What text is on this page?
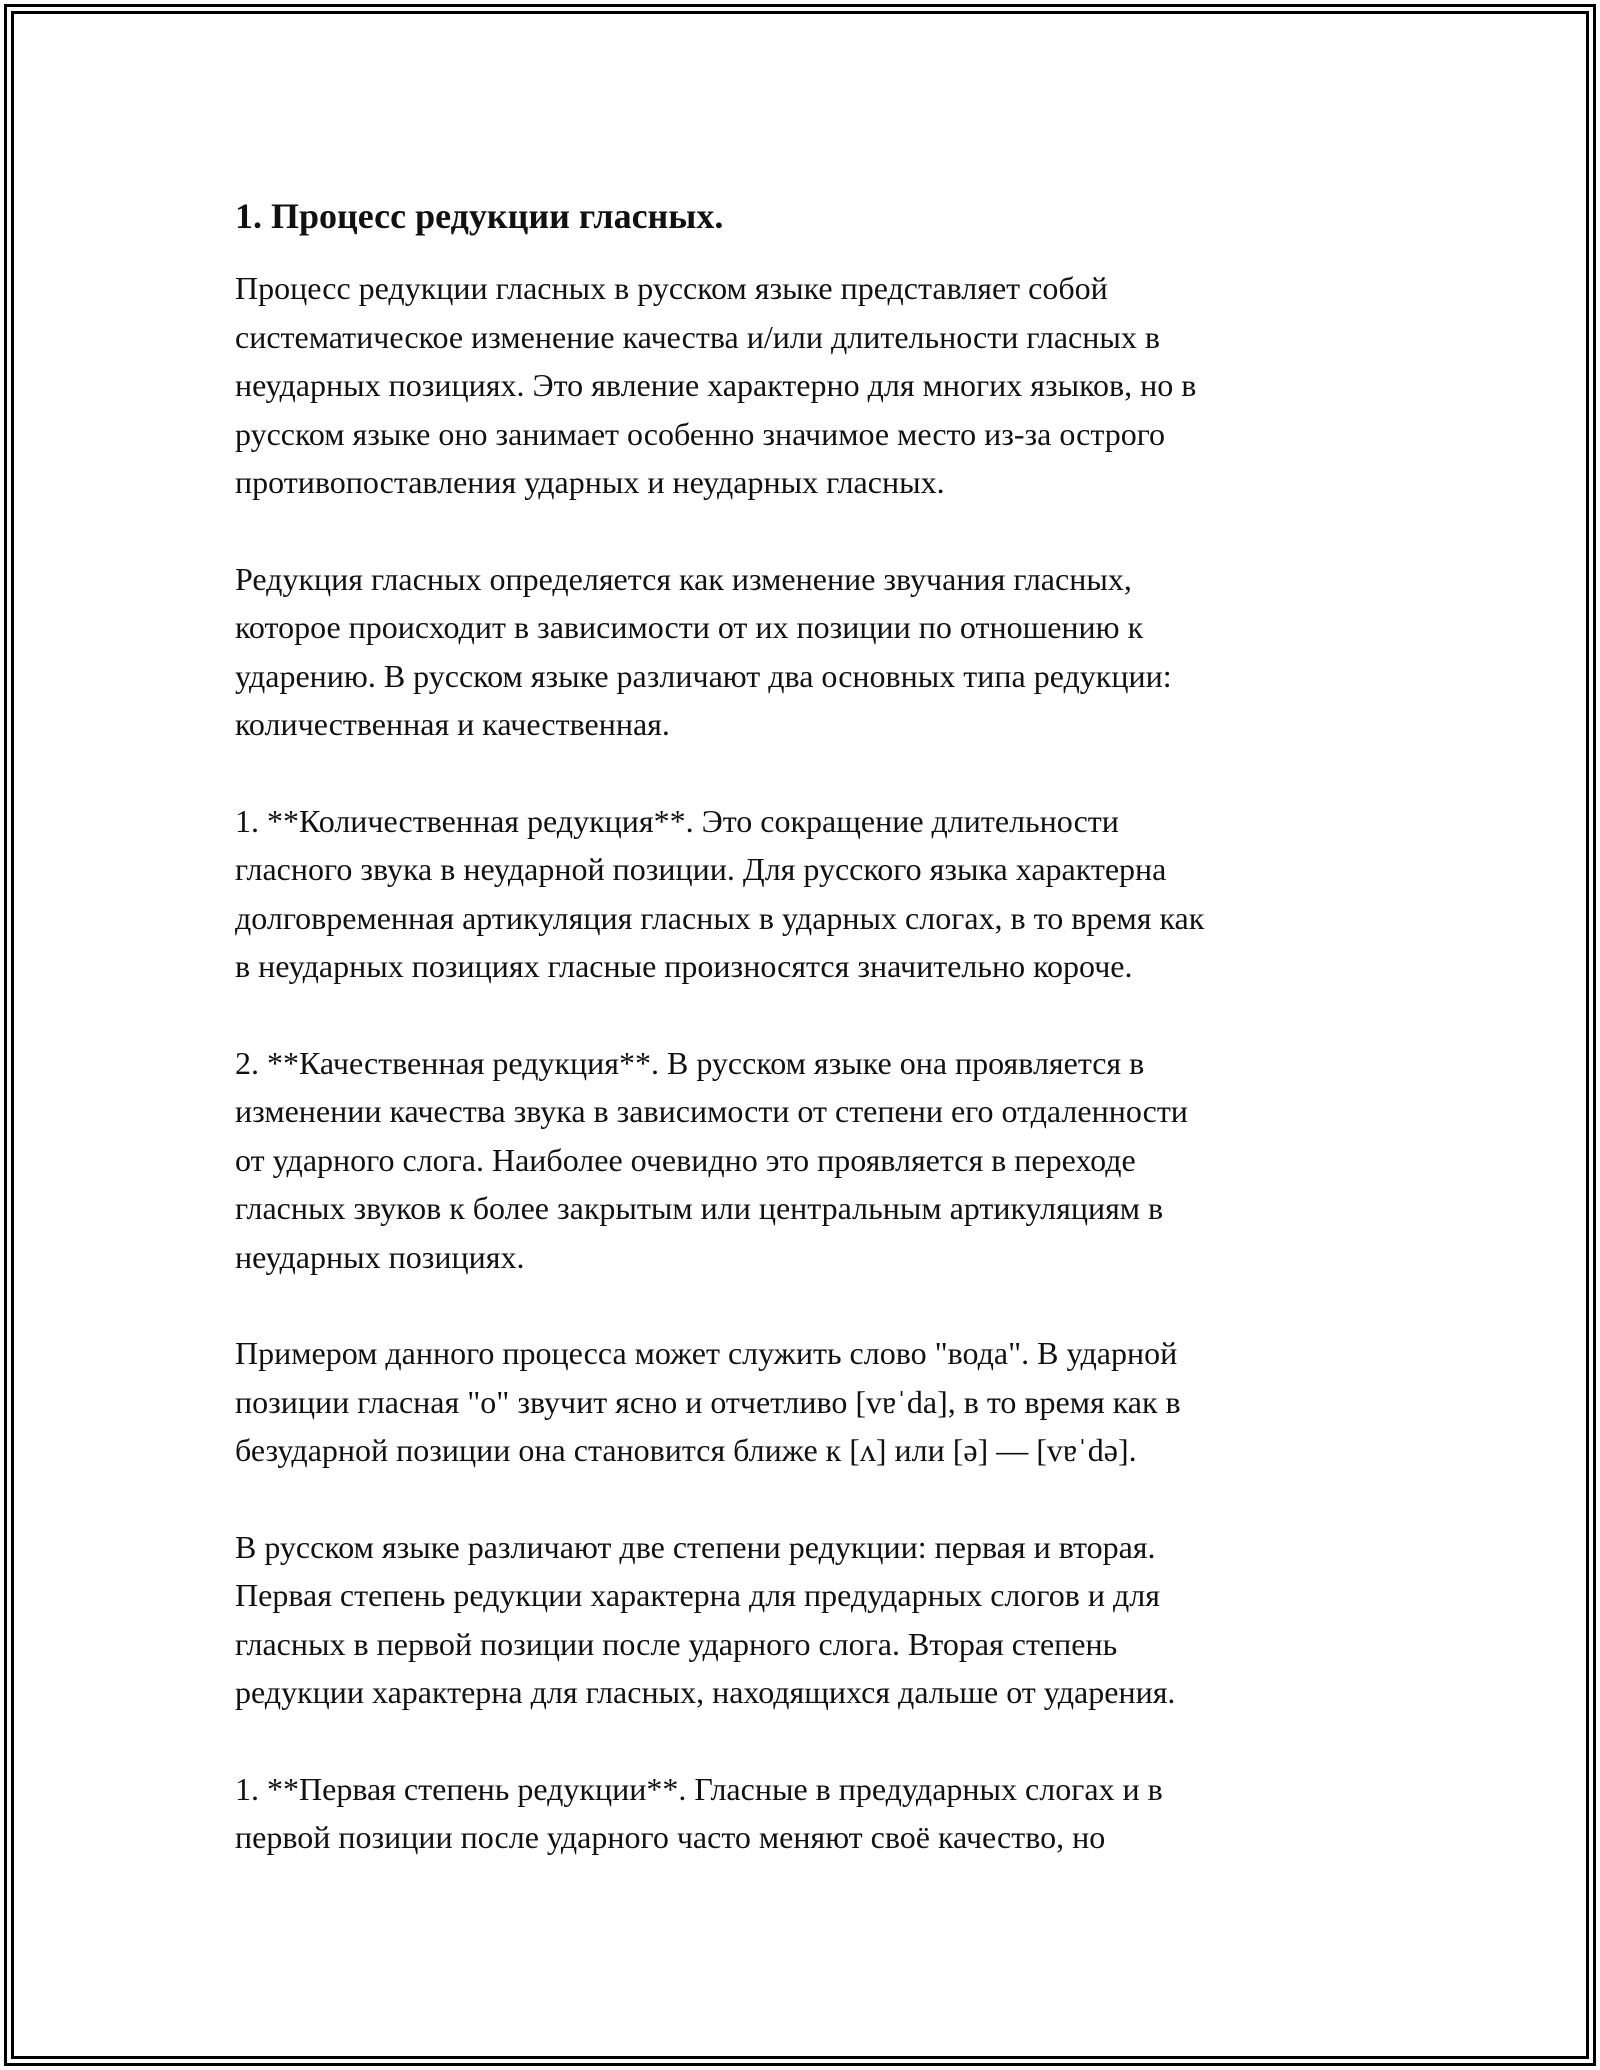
1. Процесс редукции гласных.

Процесс редукции гласных в русском языке представляет собой
систематическое изменение качества и/или длительности гласных в
неударных позициях. Это явление характерно для многих языков, но в
русском языке оно занимает особенно значимое место из-за острого
противопоставления ударных и неударных гласных.

Редукция гласных определяется как изменение звучания гласных,
которое происходит в зависимости от их позиции по отношению к
ударению. В русском языке различают два основных типа редукции:
количественная и качественная.

1. **Количественная редукция**. Это сокращение длительности
гласного звука в неударной позиции. Для русского языка характерна
долговременная артикуляция гласных в ударных слогах, в то время как
в неударных позициях гласные произносятся значительно короче.

2. **Качественная редукция**. В русском языке она проявляется в
изменении качества звука в зависимости от степени его отдаленности
от ударного слога. Наиболее очевидно это проявляется в переходе
гласных звуков к более закрытым или центральным артикуляциям в
неударных позициях.

Примером данного процесса может служить слово "вода". В ударной
позиции гласная "о" звучит ясно и отчетливо [vɐˈda], в то время как в
безударной позиции она становится ближе к [ʌ] или [ə] — [vɐˈdə].

В русском языке различают две степени редукции: первая и вторая.
Первая степень редукции характерна для предударных слогов и для
гласных в первой позиции после ударного слога. Вторая степень
редукции характерна для гласных, находящихся дальше от ударения.

1. **Первая степень редукции**. Гласные в предударных слогах и в
первой позиции после ударного часто меняют своё качество, но
